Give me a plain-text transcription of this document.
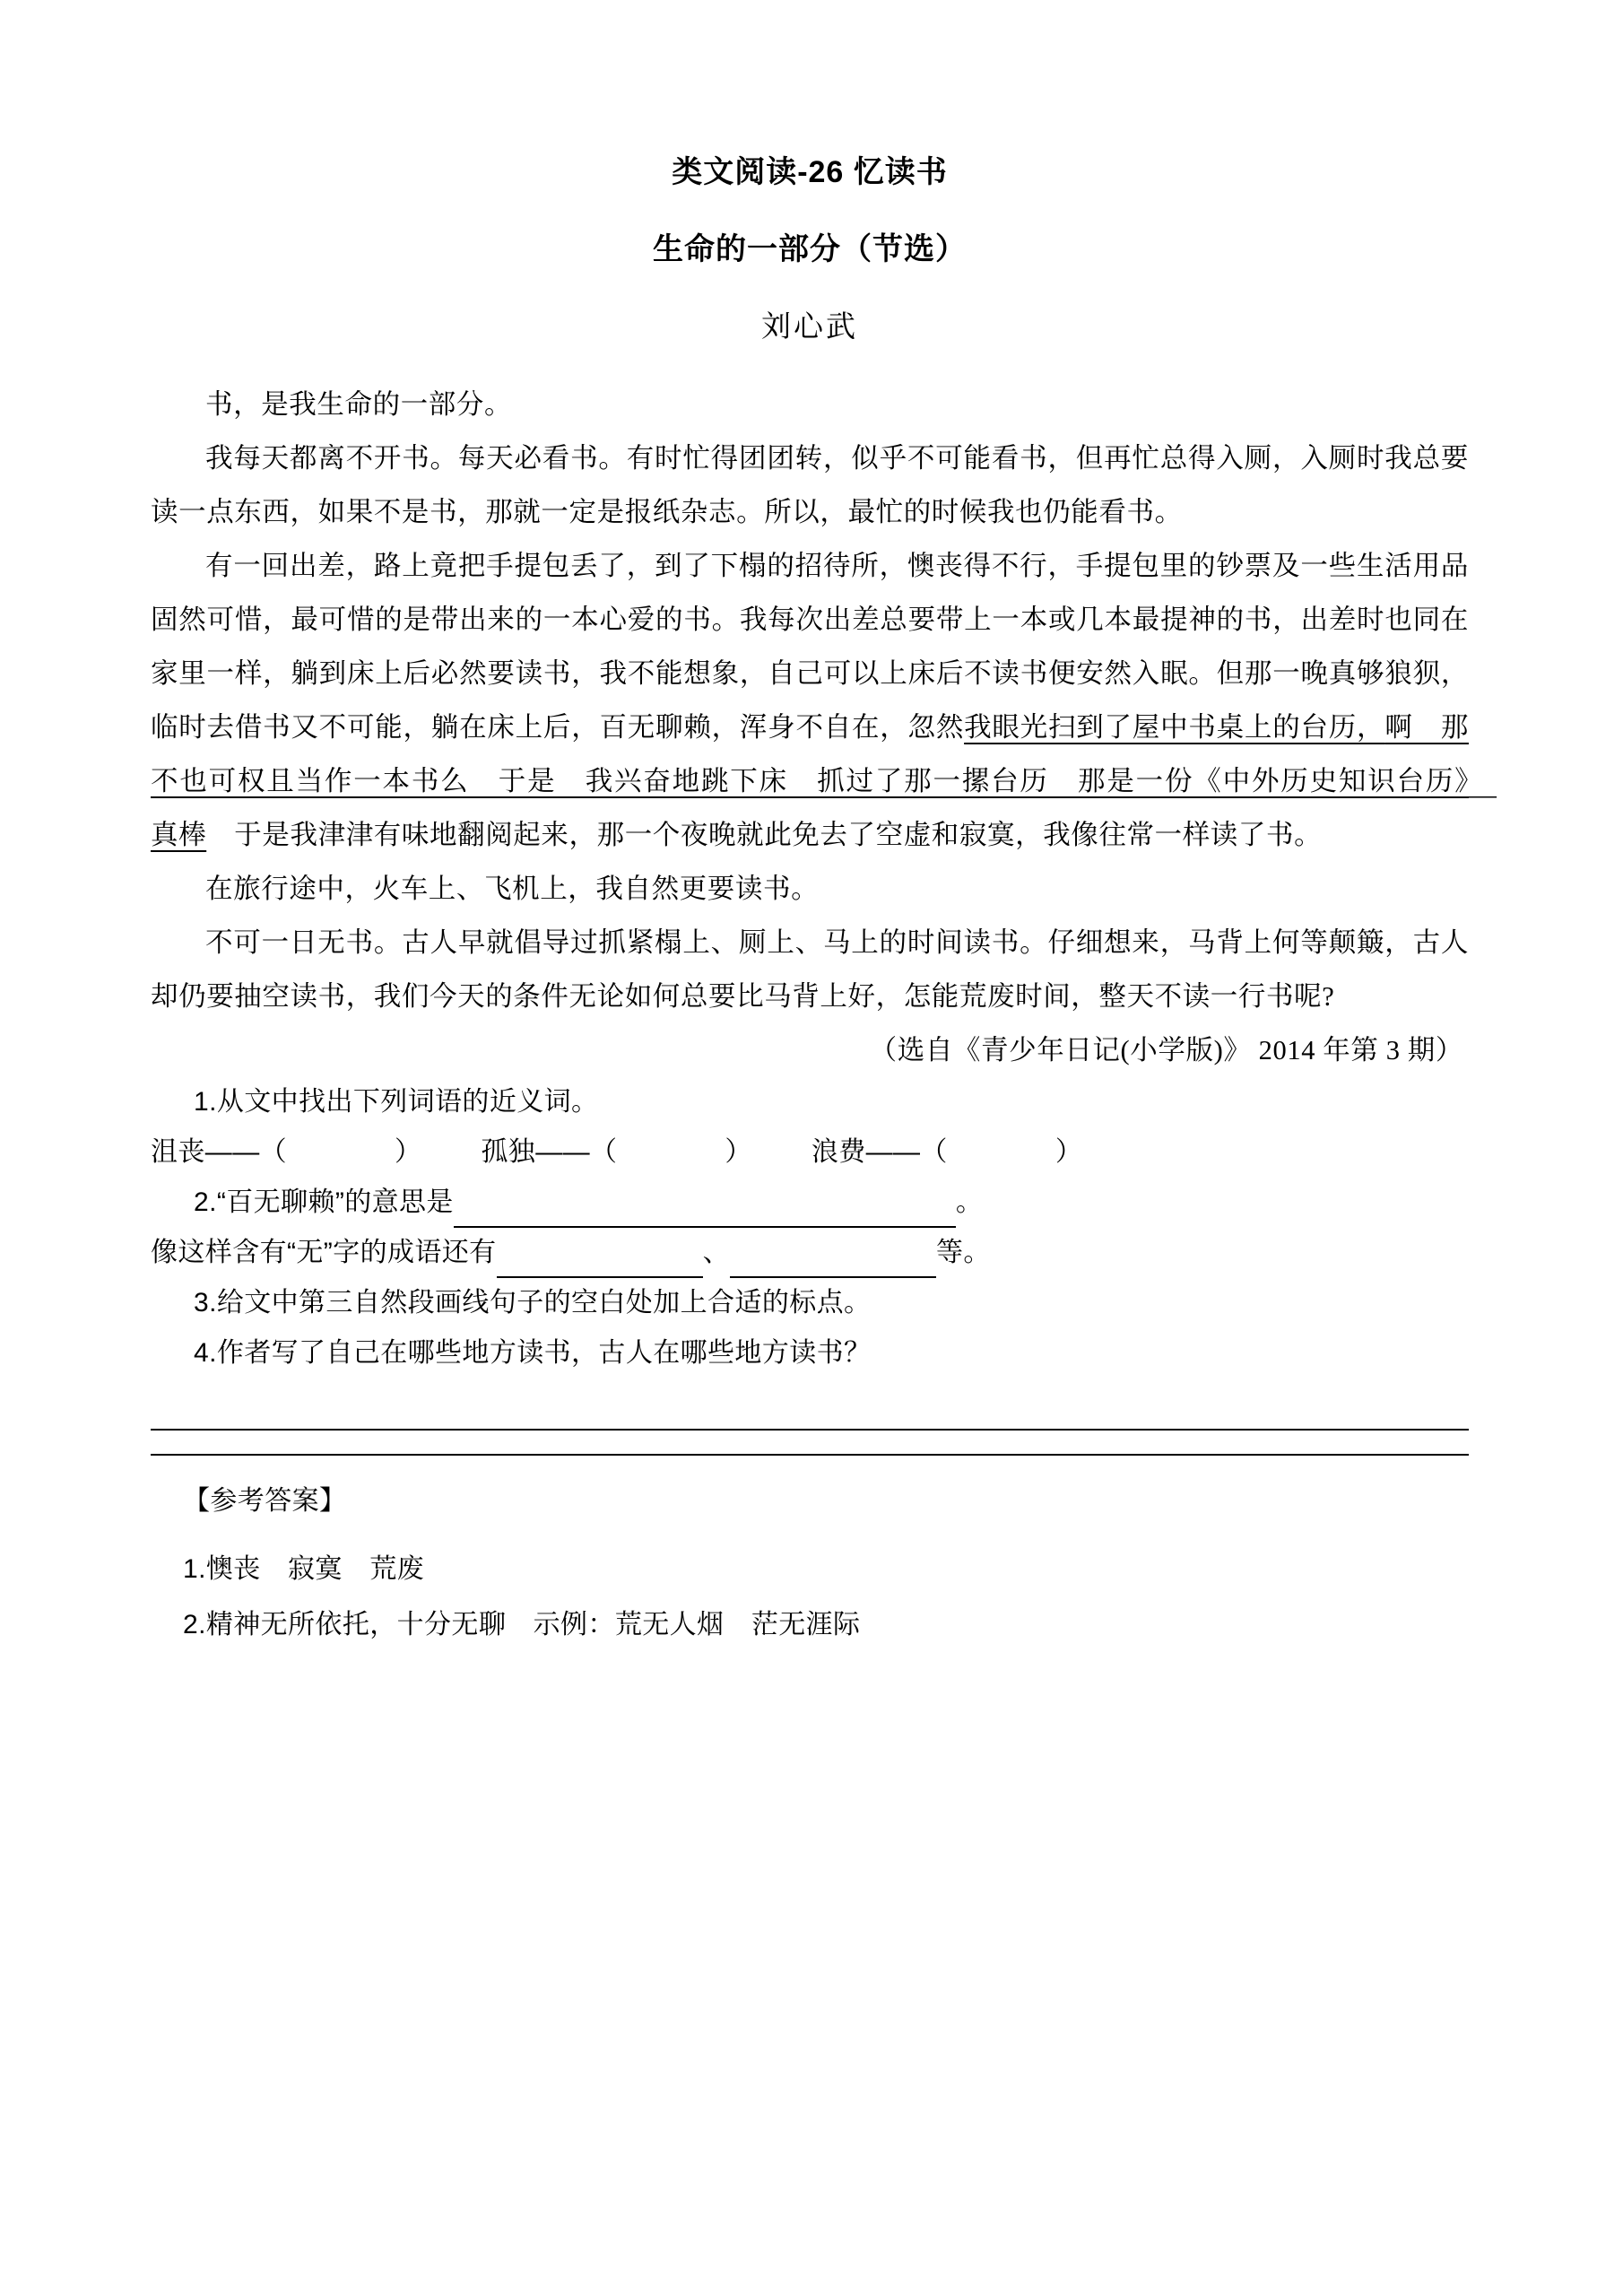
类文阅读-26 忆读书
生命的一部分（节选）
刘心武

书，是我生命的一部分。

我每天都离不开书。每天必看书。有时忙得团团转，似乎不可能看书，但再忙总得入厕，入厕时我总要读一点东西，如果不是书，那就一定是报纸杂志。所以，最忙的时候我也仍能看书。

有一回出差，路上竟把手提包丢了，到了下榻的招待所，懊丧得不行，手提包里的钞票及一些生活用品固然可惜，最可惜的是带出来的一本心爱的书。我每次出差总要带上一本或几本最提神的书，出差时也同在家里一样，躺到床上后必然要读书，我不能想象，自己可以上床后不读书便安然入眠。但那一晚真够狼狈，临时去借书又不可能，躺在床上后，百无聊赖，浑身不自在，忽然我眼光扫到了屋中书桌上的台历，啊　那不也可权且当作一本书么　于是　我兴奋地跳下床　抓过了那一摞台历　那是一份《中外历史知识台历》　真棒　于是我津津有味地翻阅起来，那一个夜晚就此免去了空虚和寂寞，我像往常一样读了书。

在旅行途中，火车上、飞机上，我自然更要读书。

不可一日无书。古人早就倡导过抓紧榻上、厕上、马上的时间读书。仔细想来，马背上何等颠簸，古人却仍要抽空读书，我们今天的条件无论如何总要比马背上好，怎能荒废时间，整天不读一行书呢?

（选自《青少年日记(小学版)》 2014 年第 3 期）

1.从文中找出下列词语的近义词。

沮丧——（	） 孤独——（	） 浪费——（	）

2.“百无聊赖”的意思是	。

像这样含有“无”字的成语还有	、	等。

3.给文中第三自然段画线句子的空白处加上合适的标点。

4.作者写了自己在哪些地方读书，古人在哪些地方读书？

【参考答案】

1.懊丧　寂寞　荒废

2.精神无所依托，十分无聊　示例：荒无人烟　茫无涯际
